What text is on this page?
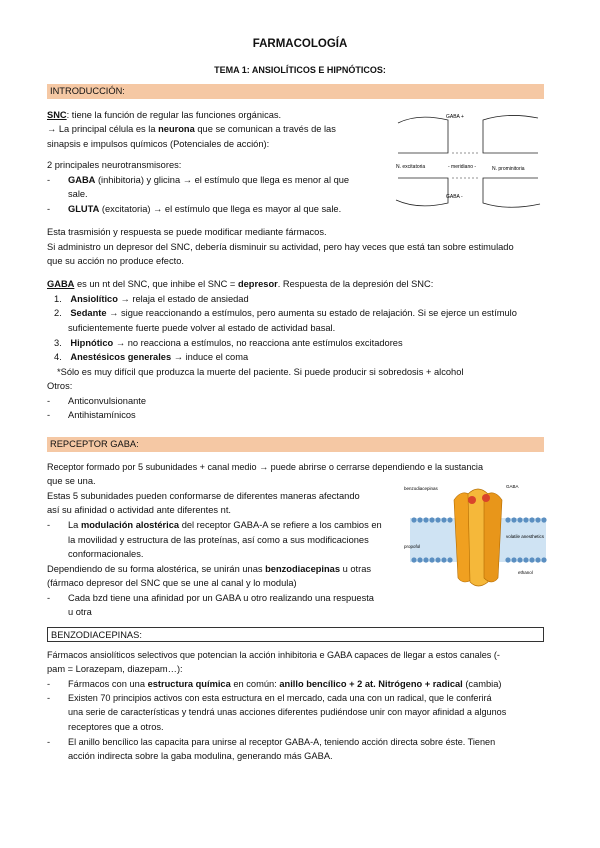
FARMACOLOGÍA
TEMA 1: ANSIOLÍTICOS E HIPNÓTICOS:
INTRODUCCIÓN:
SNC: tiene la función de regular las funciones orgánicas.
→ La principal célula es la neurona que se comunican a través de las
sinapsis e impulsos químicos (Potenciales de acción):
2 principales neurotransmisores:
- GABA (inhibitoria) y glicina → el estímulo que llega es menor al que
sale.
- GLUTA (excitatoria) → el estímulo que llega es mayor al que sale.
GABA +
N. excitatoria	- meridiano -	N. prominitoria
GABA -
Esta trasmisión y respuesta se puede modificar mediante fármacos.
Si administro un depresor del SNC, debería disminuir su actividad, pero hay veces que está tan sobre estimulado
que su acción no produce efecto.
GABA es un nt del SNC, que inhibe el SNC = depresor. Respuesta de la depresión del SNC:
1. Ansiolítico → relaja el estado de ansiedad
2. Sedante → sigue reaccionando a estímulos, pero aumenta su estado de relajación. Si se ejerce un estímulo
suficientemente fuerte puede volver al estado de actividad basal.
3. Hipnótico → no reacciona a estímulos, no reacciona ante estímulos excitadores
4. Anestésicos generales → induce el coma
*Sólo es muy difícil que produzca la muerte del paciente. Si puede producir si sobredosis + alcohol
Otros:
- Anticonvulsionante
- Antihistamínicos
REPCEPTOR GABA:
Receptor formado por 5 subunidades + canal medio → puede abrirse o cerrarse dependiendo e la sustancia
que se una.
Estas 5 subunidades pueden conformarse de diferentes maneras afectando
así su afinidad o actividad ante diferentes nt.
- La modulación alostérica del receptor GABA-A se refiere a los cambios en
la movilidad y estructura de las proteínas, así como a sus modificaciones
conformacionales.
Dependiendo de su forma alostérica, se unirán unas benzodiacepinas u otras
(fármaco depresor del SNC que se une al canal y lo modula)
- Cada bzd tiene una afinidad por un GABA u otro realizando una respuesta
u otra
benzodiacepinas	GABA
propofol
volatile anesthetics
ethanol
BENZODIACEPINAS:
Fármacos ansiolíticos selectivos que potencian la acción inhibitoria e GABA capaces de llegar a estos canales (-
pam = Lorazepam, diazepam…):
- Fármacos con una estructura química en común: anillo bencílico + 2 at. Nitrógeno + radical (cambia)
- Existen 70 principios activos con esta estructura en el mercado, cada una con un radical, que le conferirá
una serie de características y tendrá unas acciones diferentes pudiéndose unir con mayor afinidad a algunos
receptores que a otros.
- El anillo bencílico las capacita para unirse al receptor GABA-A, teniendo acción directa sobre éste. Tienen
acción indirecta sobre la gaba modulina, generando más GABA.
